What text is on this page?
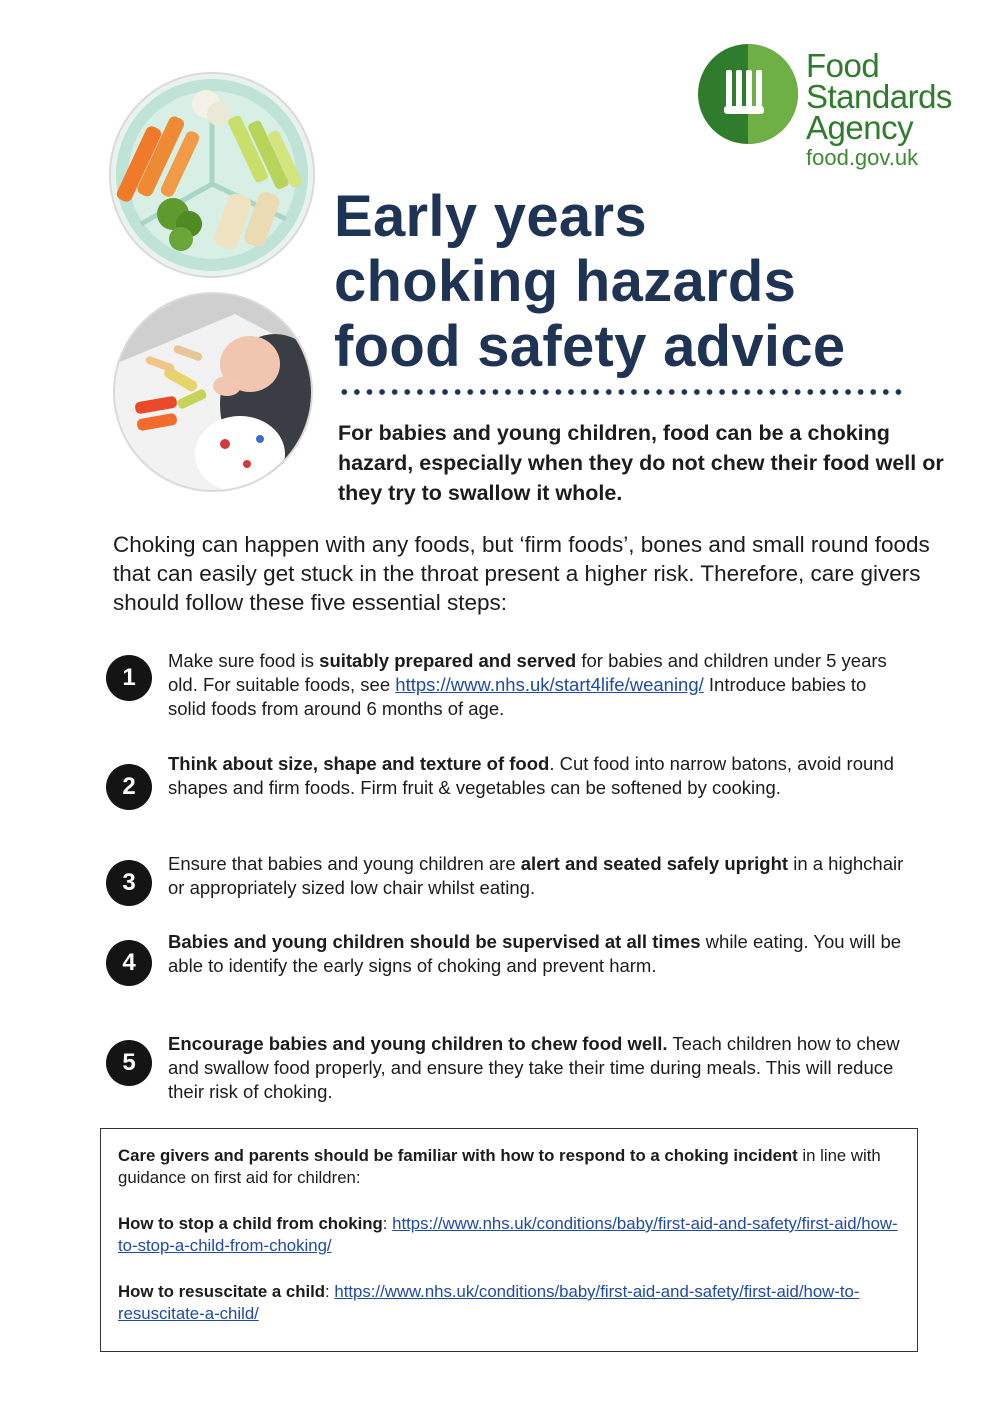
Food
Standards
Agency
food.gov.uk
Early years
choking hazards
food safety advice
For babies and young children, food can be a choking hazard, especially when they do not chew their food well or they try to swallow it whole.
Choking can happen with any foods, but ‘firm foods’, bones and small round foods that can easily get stuck in the throat present a higher risk. Therefore, care givers should follow these five essential steps:
1
Make sure food is suitably prepared and served for babies and children under 5 years old. For suitable foods, see https://www.nhs.uk/start4life/weaning/ Introduce babies to solid foods from around 6 months of age.
2
Think about size, shape and texture of food. Cut food into narrow batons, avoid round shapes and firm foods. Firm fruit & vegetables can be softened by cooking.
3
Ensure that babies and young children are alert and seated safely upright in a highchair or appropriately sized low chair whilst eating.
4
Babies and young children should be supervised at all times while eating. You will be able to identify the early signs of choking and prevent harm.
5
Encourage babies and young children to chew food well. Teach children how to chew and swallow food properly, and ensure they take their time during meals. This will reduce their risk of choking.

Care givers and parents should be familiar with how to respond to a choking incident in line with guidance on first aid for children:

How to stop a child from choking: https://www.nhs.uk/conditions/baby/first-aid-and-safety/first-aid/how-to-stop-a-child-from-choking/

How to resuscitate a child: https://www.nhs.uk/conditions/baby/first-aid-and-safety/first-aid/how-to-resuscitate-a-child/
